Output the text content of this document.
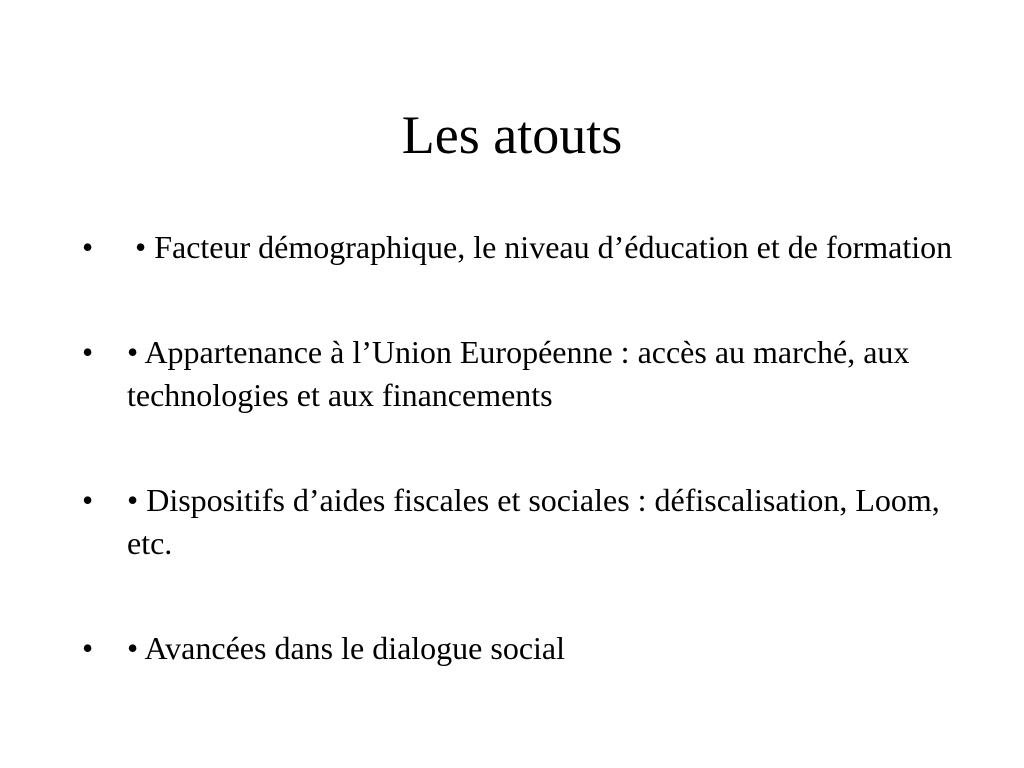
Les atouts
• • Facteur démographique, le niveau d’éducation et de formation
• • Appartenance à l’Union Européenne : accès au marché, aux technologies et aux financements
• • Dispositifs d’aides fiscales et sociales : défiscalisation, Loom, etc.
• • Avancées dans le dialogue social
